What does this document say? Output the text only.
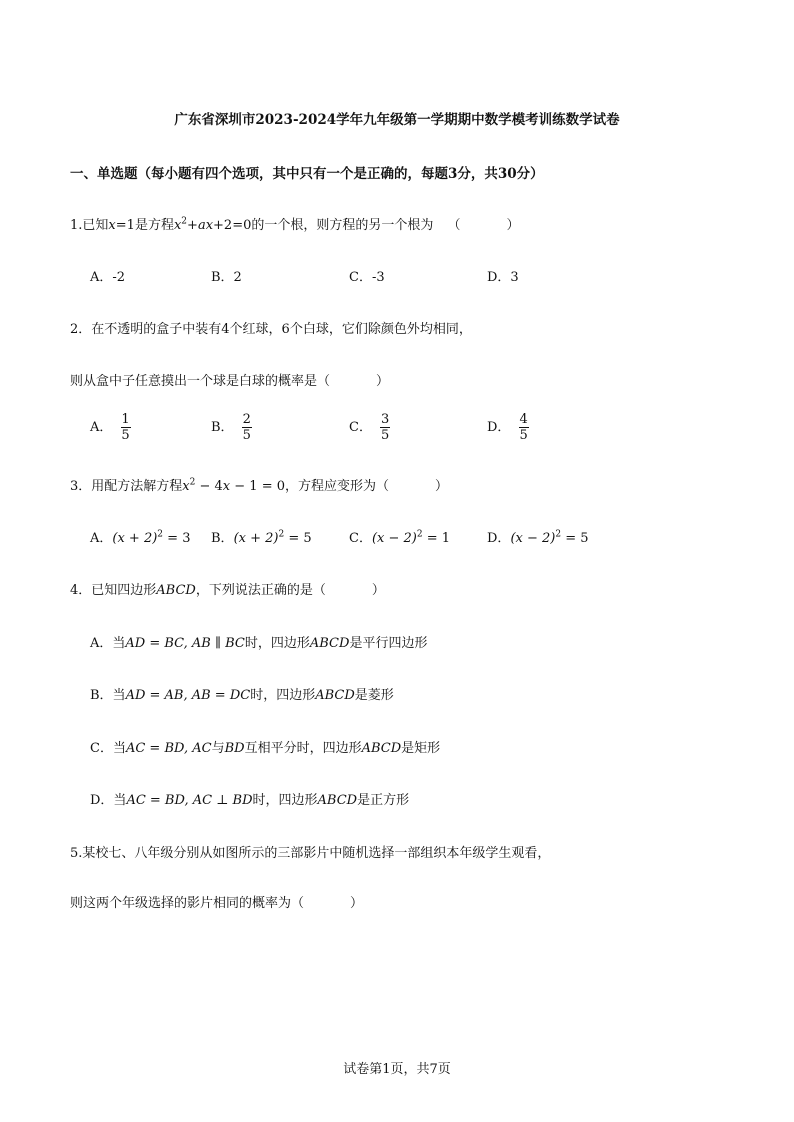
广东省深圳市2023-2024学年九年级第一学期期中数学模考训练数学试卷
一、单选题（每小题有四个选项，其中只有一个是正确的，每题3分，共30分）
1.已知x=1是方程$x^2+ax+2=0$的一个根，则方程的另一个根为 （	）
A．-2	B．2	C．-3	D．3
2．在不透明的盒子中装有4个红球，6个白球，它们除颜色外均相同，
则从盒中子任意摸出一个球是白球的概率是（	）
A． $\frac{1}{5}$	B． $\frac{2}{5}$	C． $\frac{3}{5}$	D． $\frac{4}{5}$
3．用配方法解方程$x^2 - 4x - 1 = 0$，方程应变形为（	）
A．$(x + 2)^2 = 3$ B．$(x + 2)^2 = 5$	C．$(x - 2)^2 = 1$	D．$(x - 2)^2 = 5$
4．已知四边形ABCD，下列说法正确的是（	）
A．当AD = BC, AB ∥ BC时，四边形ABCD是平行四边形
B．当AD = AB, AB = DC时，四边形ABCD是菱形
C．当AC = BD, AC与BD互相平分时，四边形ABCD是矩形
D．当AC = BD, AC ⊥ BD时，四边形ABCD是正方形
5.某校七、八年级分别从如图所示的三部影片中随机选择一部组织本年级学生观看，
则这两个年级选择的影片相同的概率为（	）
试卷第1页，共7页
